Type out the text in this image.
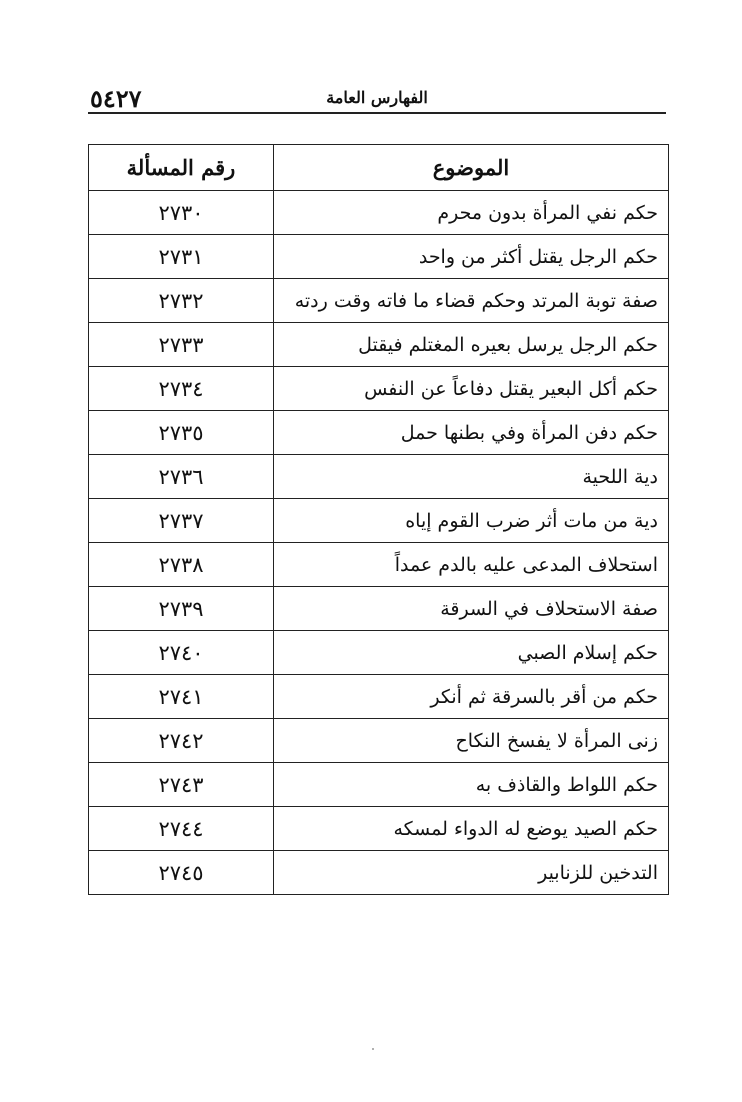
٥٤٢٧	الفهارس العامة
الموضوع	رقم المسألة
حكم نفي المرأة بدون محرم	٢٧٣٠
حكم الرجل يقتل أكثر من واحد	٢٧٣١
صفة توبة المرتد وحكم قضاء ما فاته وقت ردته	٢٧٣٢
حكم الرجل يرسل بعيره المغتلم فيقتل	٢٧٣٣
حكم أكل البعير يقتل دفاعاً عن النفس	٢٧٣٤
حكم دفن المرأة وفي بطنها حمل	٢٧٣٥
دية اللحية	٢٧٣٦
دية من مات أثر ضرب القوم إياه	٢٧٣٧
استحلاف المدعى عليه بالدم عمداً	٢٧٣٨
صفة الاستحلاف في السرقة	٢٧٣٩
حكم إسلام الصبي	٢٧٤٠
حكم من أقر بالسرقة ثم أنكر	٢٧٤١
زنى المرأة لا يفسخ النكاح	٢٧٤٢
حكم اللواط والقاذف به	٢٧٤٣
حكم الصيد يوضع له الدواء لمسكه	٢٧٤٤
التدخين للزنابير	٢٧٤٥
